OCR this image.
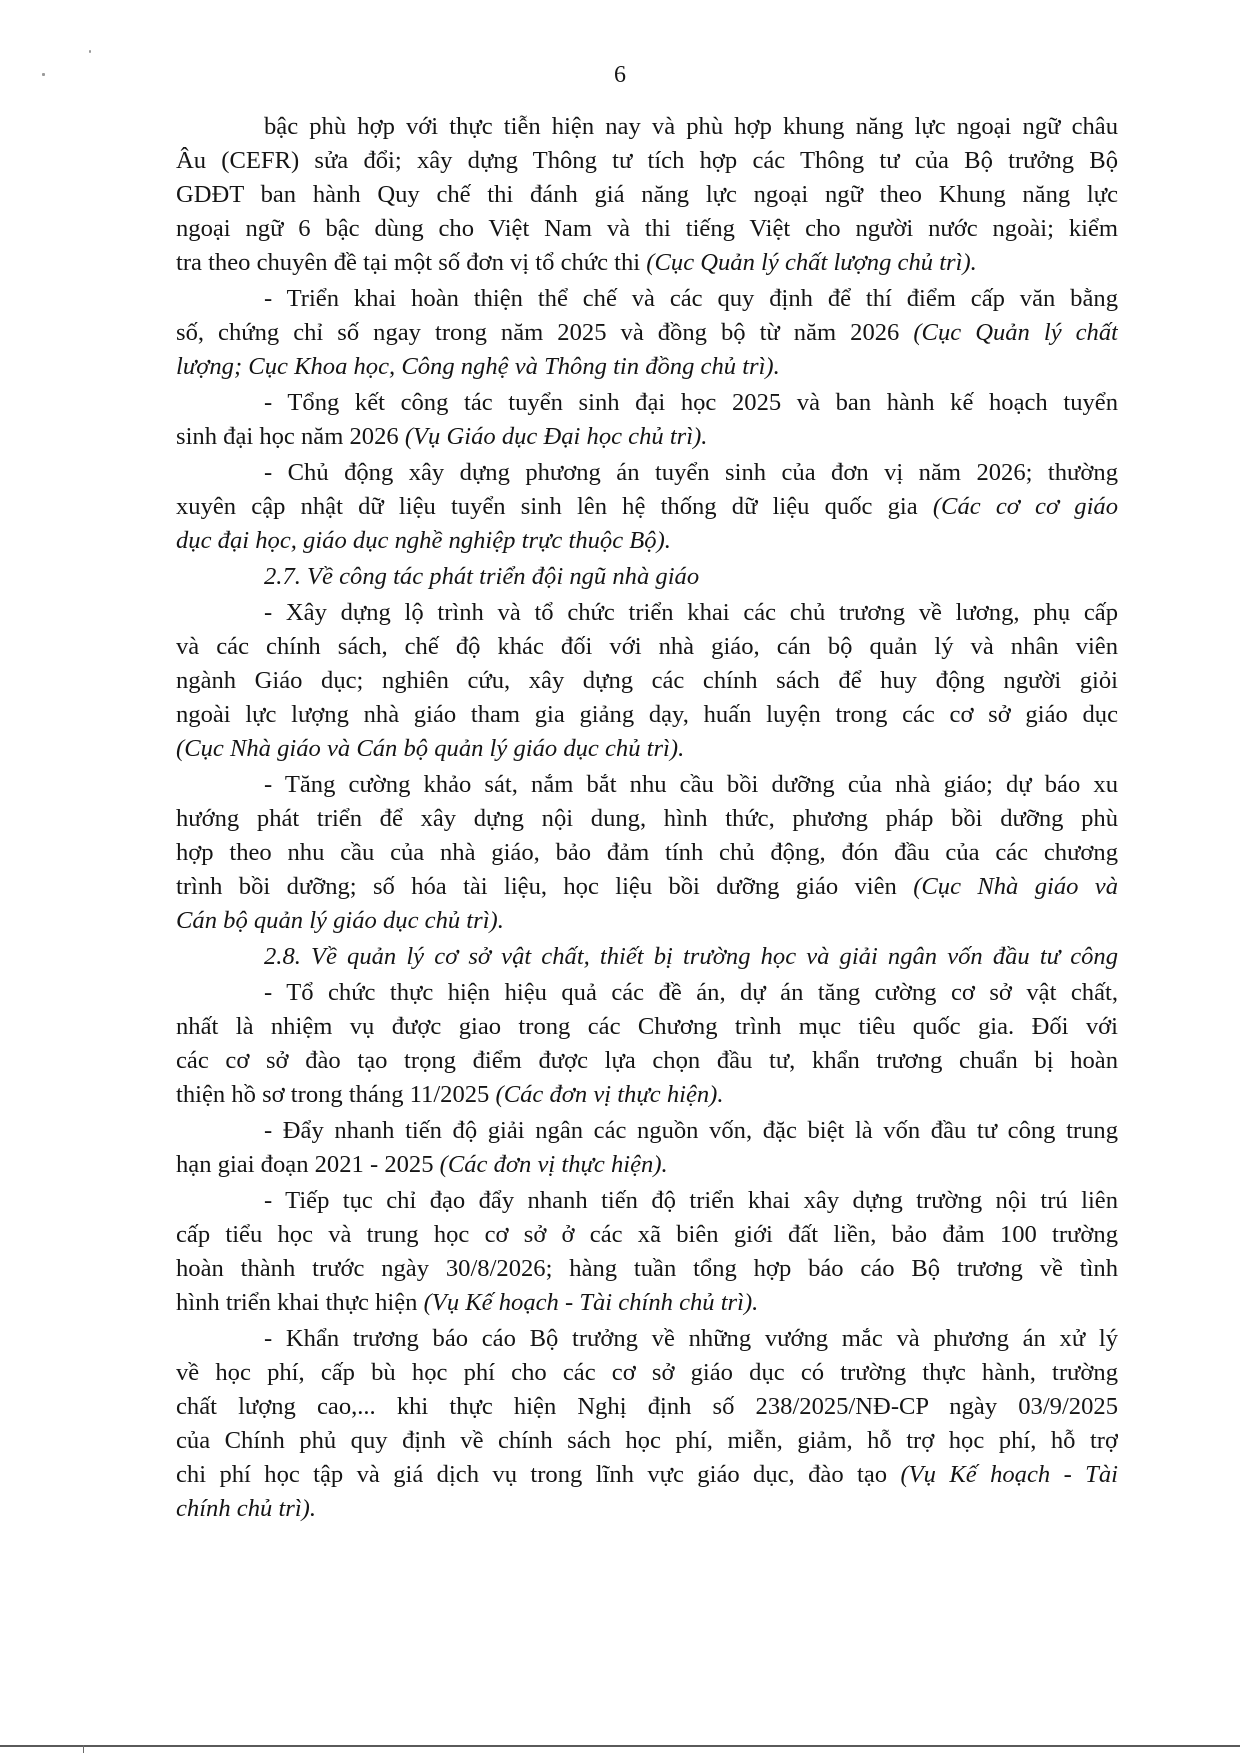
6
bậc phù hợp với thực tiễn hiện nay và phù hợp khung năng lực ngoại ngữ châu
Âu (CEFR) sửa đổi; xây dựng Thông tư tích hợp các Thông tư của Bộ trưởng Bộ
GDĐT ban hành Quy chế thi đánh giá năng lực ngoại ngữ theo Khung năng lực
ngoại ngữ 6 bậc dùng cho Việt Nam và thi tiếng Việt cho người nước ngoài; kiểm
tra theo chuyên đề tại một số đơn vị tổ chức thi (Cục Quản lý chất lượng chủ trì).
- Triển khai hoàn thiện thể chế và các quy định để thí điểm cấp văn bằng
số, chứng chỉ số ngay trong năm 2025 và đồng bộ từ năm 2026 (Cục Quản lý chất
lượng; Cục Khoa học, Công nghệ và Thông tin đồng chủ trì).
- Tổng kết công tác tuyển sinh đại học 2025 và ban hành kế hoạch tuyển
sinh đại học năm 2026 (Vụ Giáo dục Đại học chủ trì).
- Chủ động xây dựng phương án tuyển sinh của đơn vị năm 2026; thường
xuyên cập nhật dữ liệu tuyển sinh lên hệ thống dữ liệu quốc gia (Các cơ cơ giáo
dục đại học, giáo dục nghề nghiệp trực thuộc Bộ).
2.7. Về công tác phát triển đội ngũ nhà giáo
- Xây dựng lộ trình và tổ chức triển khai các chủ trương về lương, phụ cấp
và các chính sách, chế độ khác đối với nhà giáo, cán bộ quản lý và nhân viên
ngành Giáo dục; nghiên cứu, xây dựng các chính sách để huy động người giỏi
ngoài lực lượng nhà giáo tham gia giảng dạy, huấn luyện trong các cơ sở giáo dục
(Cục Nhà giáo và Cán bộ quản lý giáo dục chủ trì).
- Tăng cường khảo sát, nắm bắt nhu cầu bồi dưỡng của nhà giáo; dự báo xu
hướng phát triển để xây dựng nội dung, hình thức, phương pháp bồi dưỡng phù
hợp theo nhu cầu của nhà giáo, bảo đảm tính chủ động, đón đầu của các chương
trình bồi dưỡng; số hóa tài liệu, học liệu bồi dưỡng giáo viên (Cục Nhà giáo và
Cán bộ quản lý giáo dục chủ trì).
2.8. Về quản lý cơ sở vật chất, thiết bị trường học và giải ngân vốn đầu tư công
- Tổ chức thực hiện hiệu quả các đề án, dự án tăng cường cơ sở vật chất,
nhất là nhiệm vụ được giao trong các Chương trình mục tiêu quốc gia. Đối với
các cơ sở đào tạo trọng điểm được lựa chọn đầu tư, khẩn trương chuẩn bị hoàn
thiện hồ sơ trong tháng 11/2025 (Các đơn vị thực hiện).
- Đẩy nhanh tiến độ giải ngân các nguồn vốn, đặc biệt là vốn đầu tư công trung
hạn giai đoạn 2021 - 2025 (Các đơn vị thực hiện).
- Tiếp tục chỉ đạo đẩy nhanh tiến độ triển khai xây dựng trường nội trú liên
cấp tiểu học và trung học cơ sở ở các xã biên giới đất liền, bảo đảm 100 trường
hoàn thành trước ngày 30/8/2026; hàng tuần tổng hợp báo cáo Bộ trương về tình
hình triển khai thực hiện (Vụ Kế hoạch - Tài chính chủ trì).
- Khẩn trương báo cáo Bộ trưởng về những vướng mắc và phương án xử lý
về học phí, cấp bù học phí cho các cơ sở giáo dục có trường thực hành, trường
chất lượng cao,... khi thực hiện Nghị định số 238/2025/NĐ-CP ngày 03/9/2025
của Chính phủ quy định về chính sách học phí, miễn, giảm, hỗ trợ học phí, hỗ trợ
chi phí học tập và giá dịch vụ trong lĩnh vực giáo dục, đào tạo (Vụ Kế hoạch - Tài
chính chủ trì).
